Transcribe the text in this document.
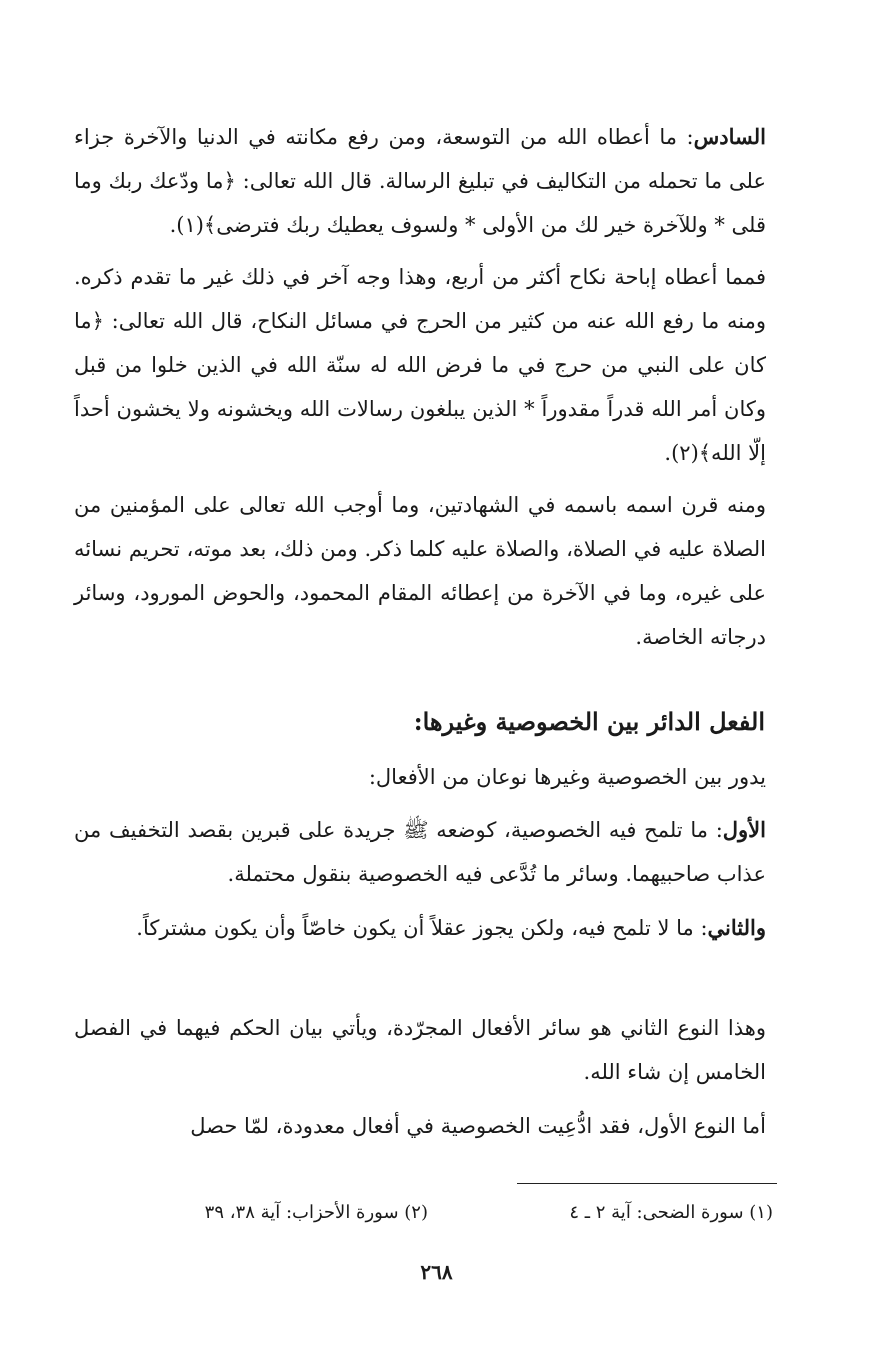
السادس: ما أعطاه الله من التوسعة، ومن رفع مكانته في الدنيا والآخرة جزاء على ما تحمله من التكاليف في تبليغ الرسالة. قال الله تعالى: ﴿ما ودّعك ربك وما قلى * وللآخرة خير لك من الأولى * ولسوف يعطيك ربك فترضى﴾(١).

فمما أعطاه إباحة نكاح أكثر من أربع، وهذا وجه آخر في ذلك غير ما تقدم ذكره. ومنه ما رفع الله عنه من كثير من الحرج في مسائل النكاح، قال الله تعالى: ﴿ما كان على النبي من حرج في ما فرض الله له سنّة الله في الذين خلوا من قبل وكان أمر الله قدراً مقدوراً * الذين يبلغون رسالات الله ويخشونه ولا يخشون أحداً إلّا الله﴾(٢).

ومنه قرن اسمه باسمه في الشهادتين، وما أوجب الله تعالى على المؤمنين من الصلاة عليه في الصلاة، والصلاة عليه كلما ذكر. ومن ذلك، بعد موته، تحريم نسائه على غيره، وما في الآخرة من إعطائه المقام المحمود، والحوض المورود، وسائر درجاته الخاصة.

الفعل الدائر بين الخصوصية وغيرها:

يدور بين الخصوصية وغيرها نوعان من الأفعال:

الأول: ما تلمح فيه الخصوصية، كوضعه ﷺ جريدة على قبرين بقصد التخفيف من عذاب صاحبيهما. وسائر ما تُدَّعى فيه الخصوصية بنقول محتملة.

والثاني: ما لا تلمح فيه، ولكن يجوز عقلاً أن يكون خاصّاً وأن يكون مشتركاً.

وهذا النوع الثاني هو سائر الأفعال المجرّدة، ويأتي بيان الحكم فيهما في الفصل الخامس إن شاء الله.

أما النوع الأول، فقد ادُّعِيت الخصوصية في أفعال معدودة، لمّا حصل

(١) سورة الضحى: آية ٢ ـ ٤
(٢) سورة الأحزاب: آية ٣٨، ٣٩
٢٦٨
